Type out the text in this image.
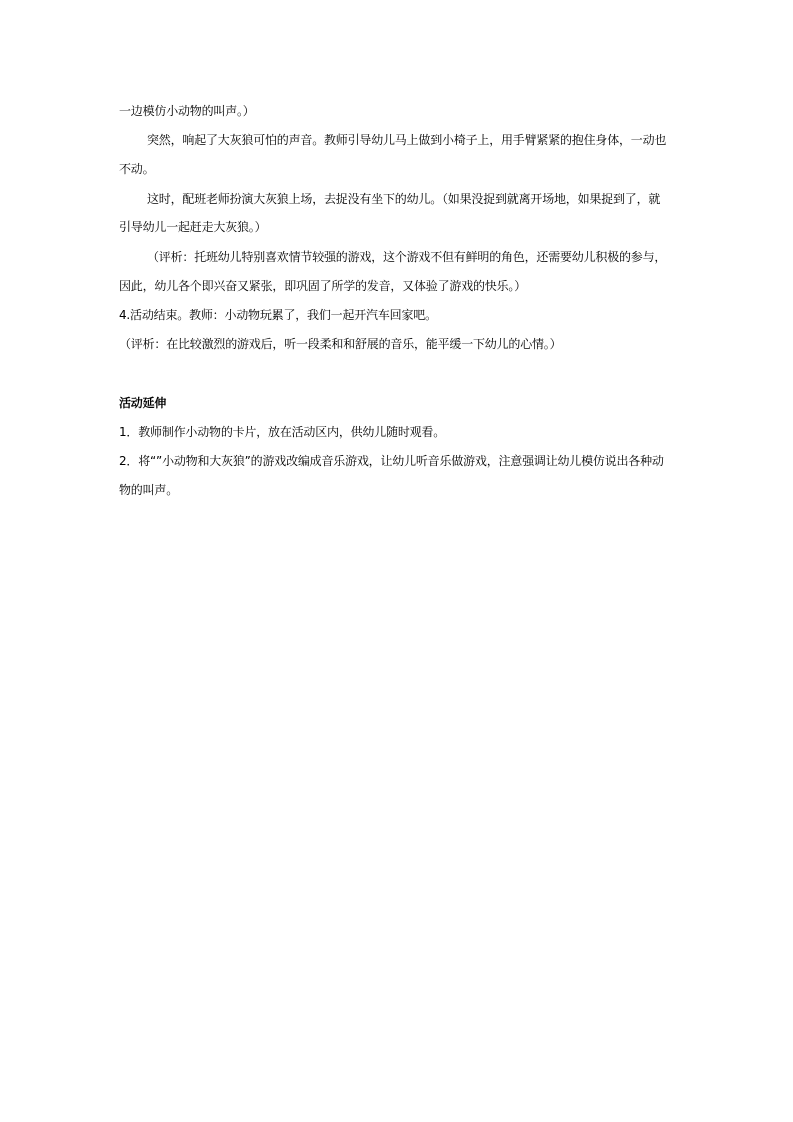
一边模仿小动物的叫声。）
突然，响起了大灰狼可怕的声音。教师引导幼儿马上做到小椅子上，用手臂紧紧的抱住身体，一动也
不动。
这时，配班老师扮演大灰狼上场，去捉没有坐下的幼儿。（如果没捉到就离开场地，如果捉到了，就
引导幼儿一起赶走大灰狼。）
（评析：托班幼儿特别喜欢情节较强的游戏，这个游戏不但有鲜明的角色，还需要幼儿积极的参与，
因此，幼儿各个即兴奋又紧张，即巩固了所学的发音，又体验了游戏的快乐。）
4.活动结束。教师：小动物玩累了，我们一起开汽车回家吧。
（评析：在比较激烈的游戏后，听一段柔和和舒展的音乐，能平缓一下幼儿的心情。）
活动延伸
1．教师制作小动物的卡片，放在活动区内，供幼儿随时观看。
2．将“”小动物和大灰狼”的游戏改编成音乐游戏，让幼儿听音乐做游戏，注意强调让幼儿模仿说出各种动
物的叫声。
